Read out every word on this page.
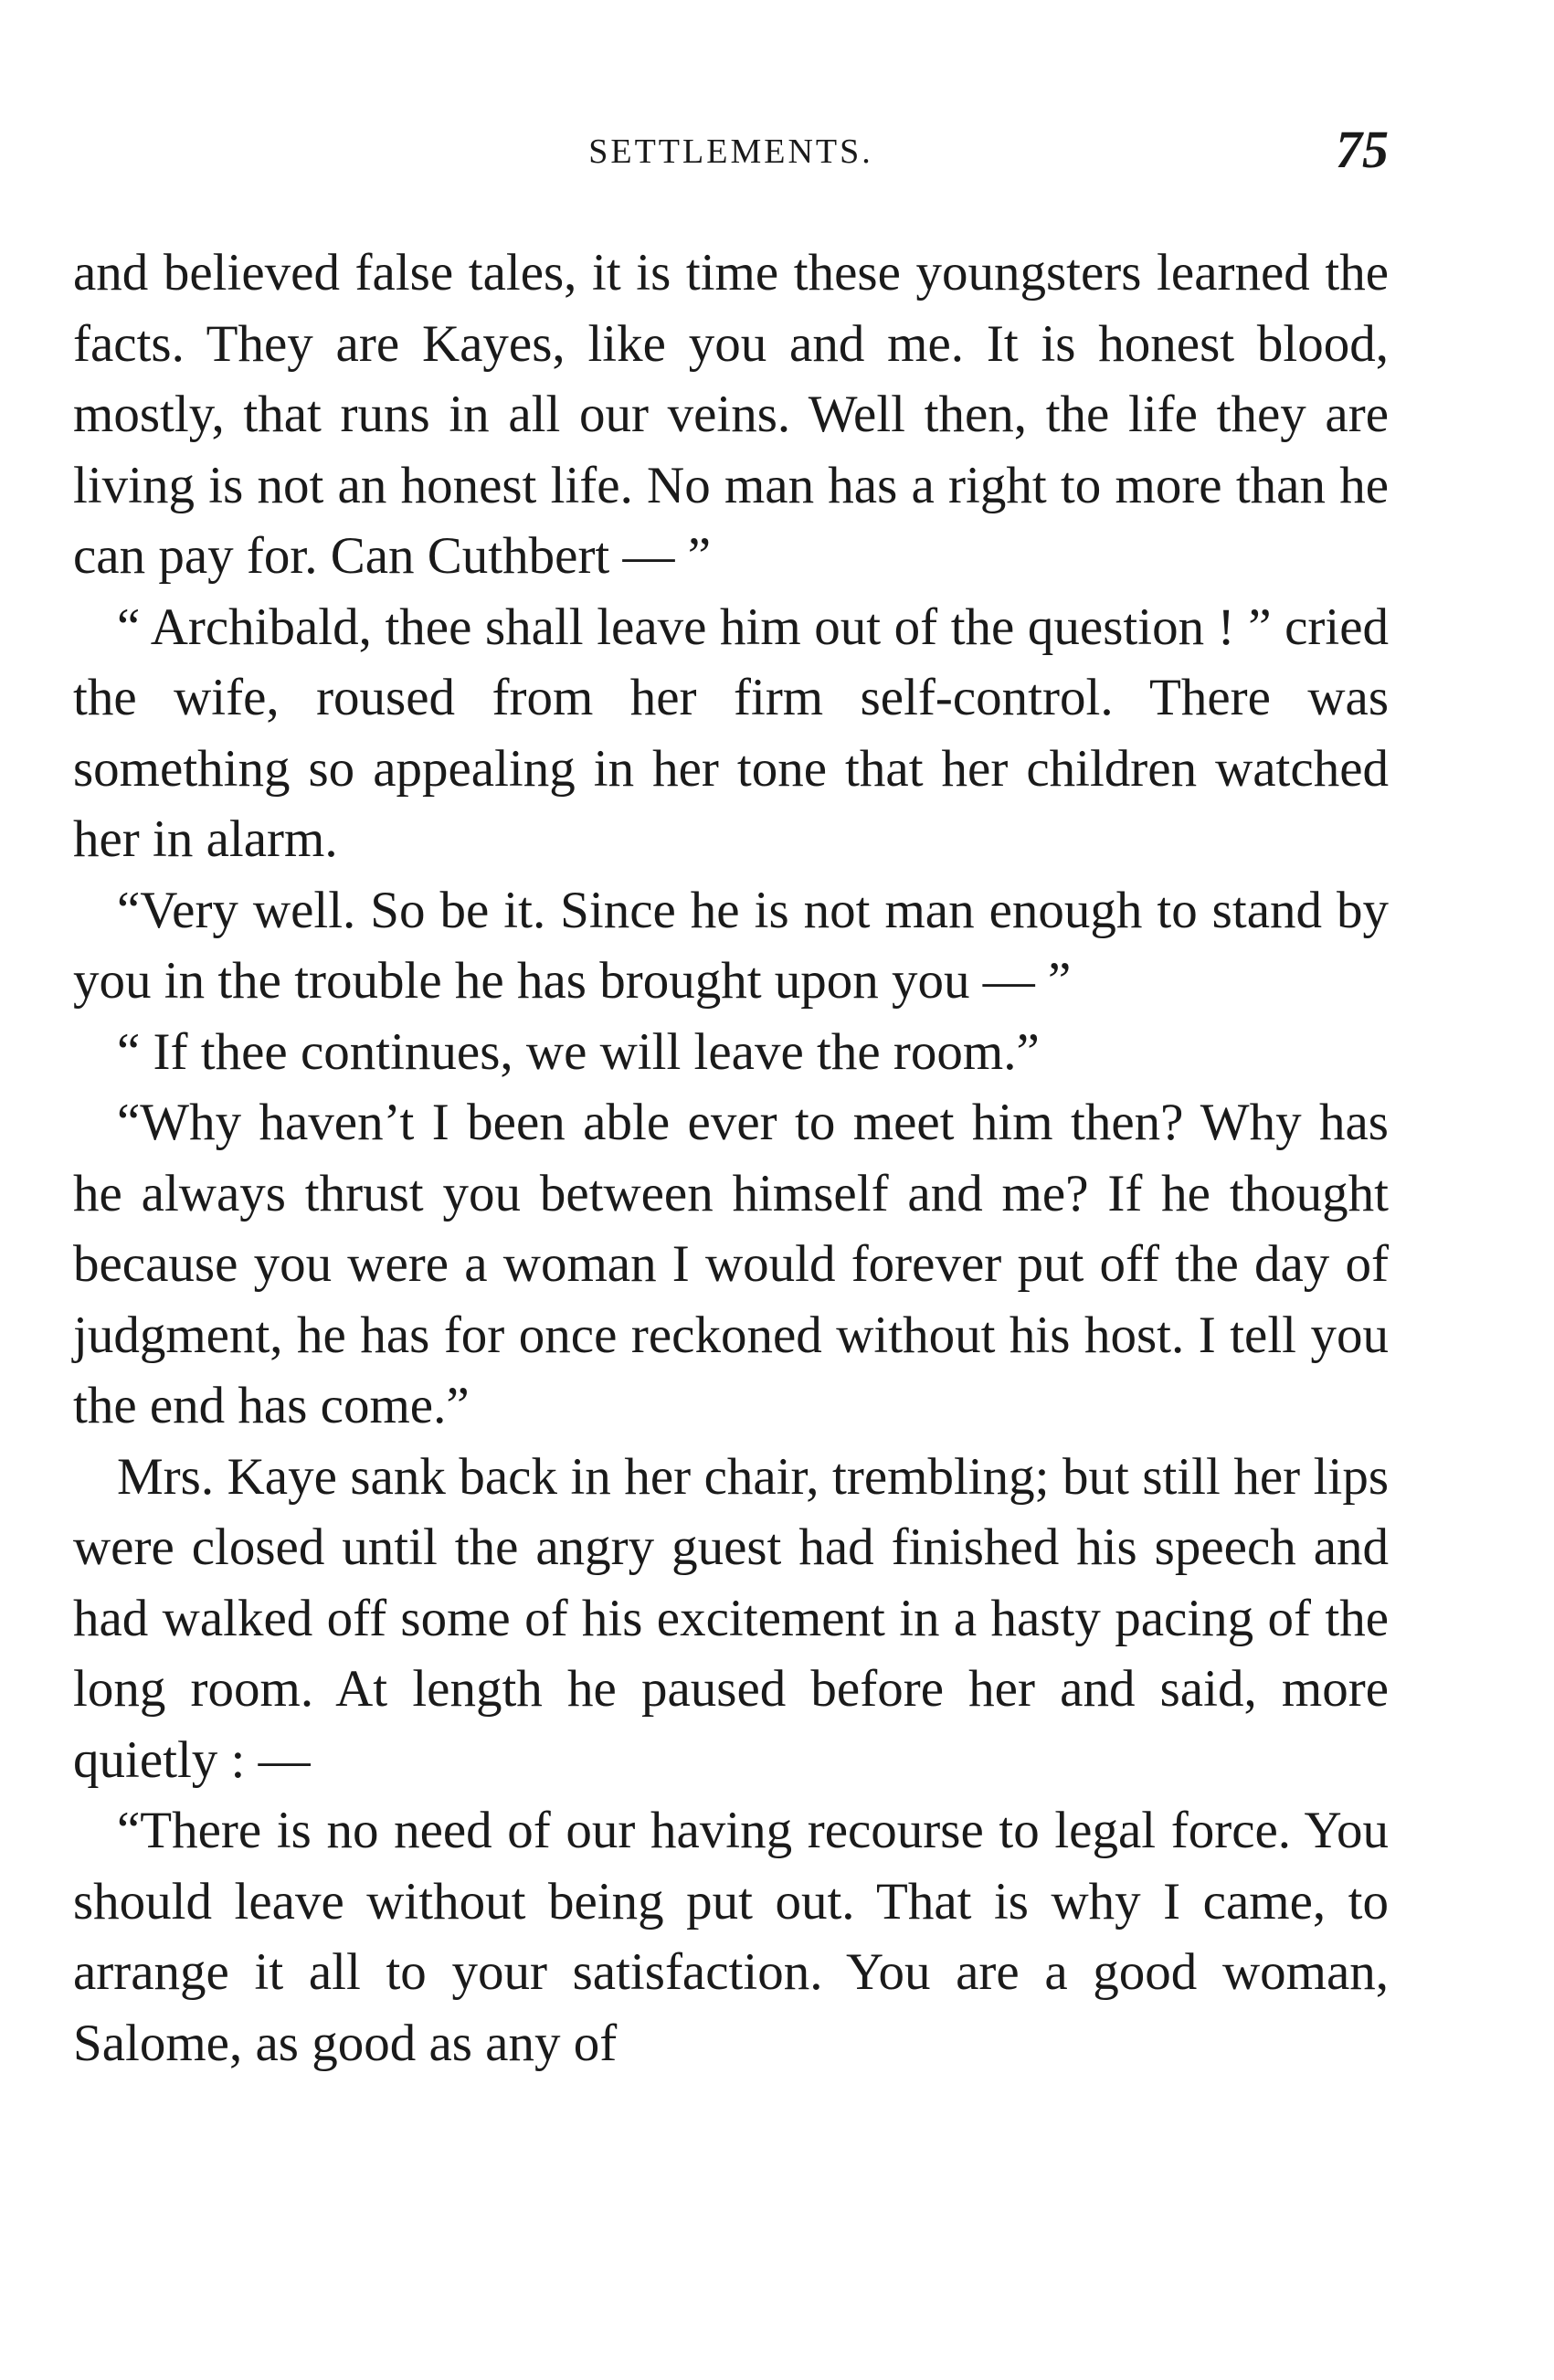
SETTLEMENTS.	75

and believed false tales, it is time these youngsters learned the facts. They are Kayes, like you and me. It is honest blood, mostly, that runs in all our veins. Well then, the life they are living is not an honest life. No man has a right to more than he can pay for. Can Cuthbert — ”

“ Archibald, thee shall leave him out of the question ! ” cried the wife, roused from her firm self-control. There was something so appealing in her tone that her children watched her in alarm.

“Very well. So be it. Since he is not man enough to stand by you in the trouble he has brought upon you — ”

“ If thee continues, we will leave the room.”

“Why haven’t I been able ever to meet him then? Why has he always thrust you between himself and me? If he thought because you were a woman I would forever put off the day of judgment, he has for once reckoned without his host. I tell you the end has come.”

Mrs. Kaye sank back in her chair, trembling; but still her lips were closed until the angry guest had finished his speech and had walked off some of his excitement in a hasty pacing of the long room. At length he paused before her and said, more quietly : —

“There is no need of our having recourse to legal force. You should leave without being put out. That is why I came, to arrange it all to your satisfaction. You are a good woman, Salome, as good as any of
